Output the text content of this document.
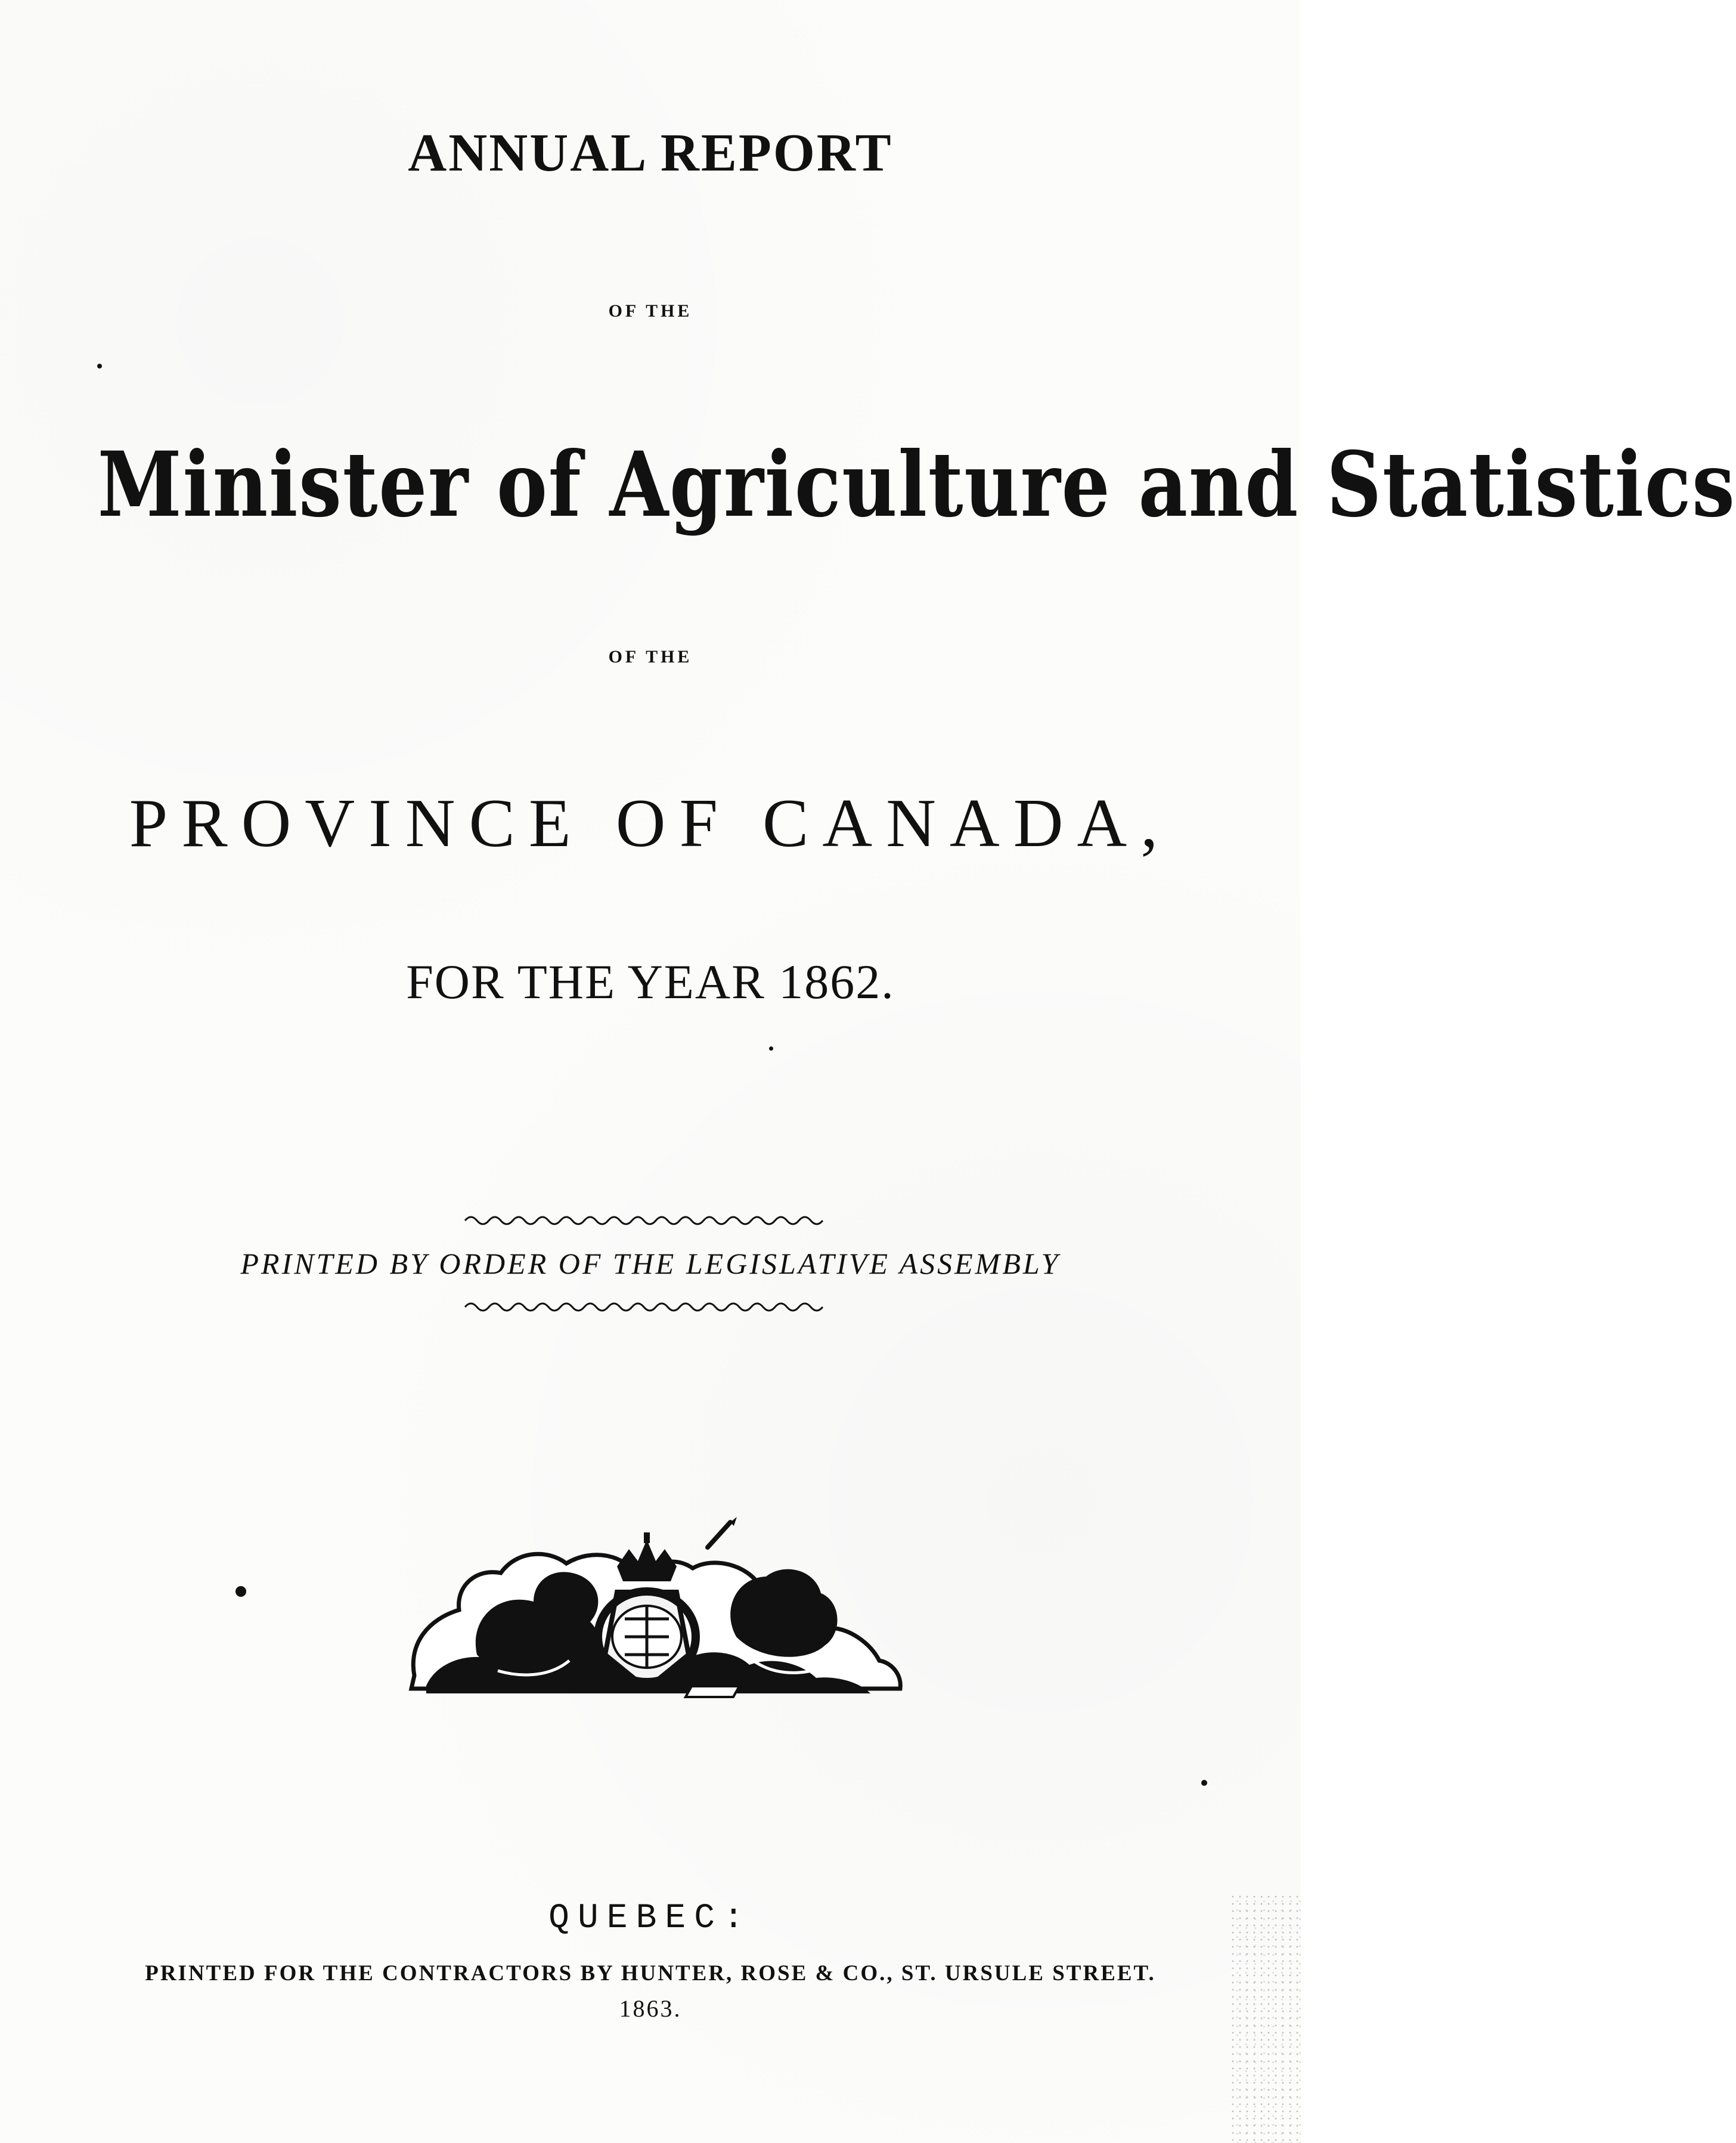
ANNUAL REPORT
OF THE
Minister of Agriculture and Statistics
OF THE
PROVINCE OF CANADA,
FOR THE YEAR 1862.
PRINTED BY ORDER OF THE LEGISLATIVE ASSEMBLY
QUEBEC:
PRINTED FOR THE CONTRACTORS BY HUNTER, ROSE & CO., ST. URSULE STREET.
1863.
